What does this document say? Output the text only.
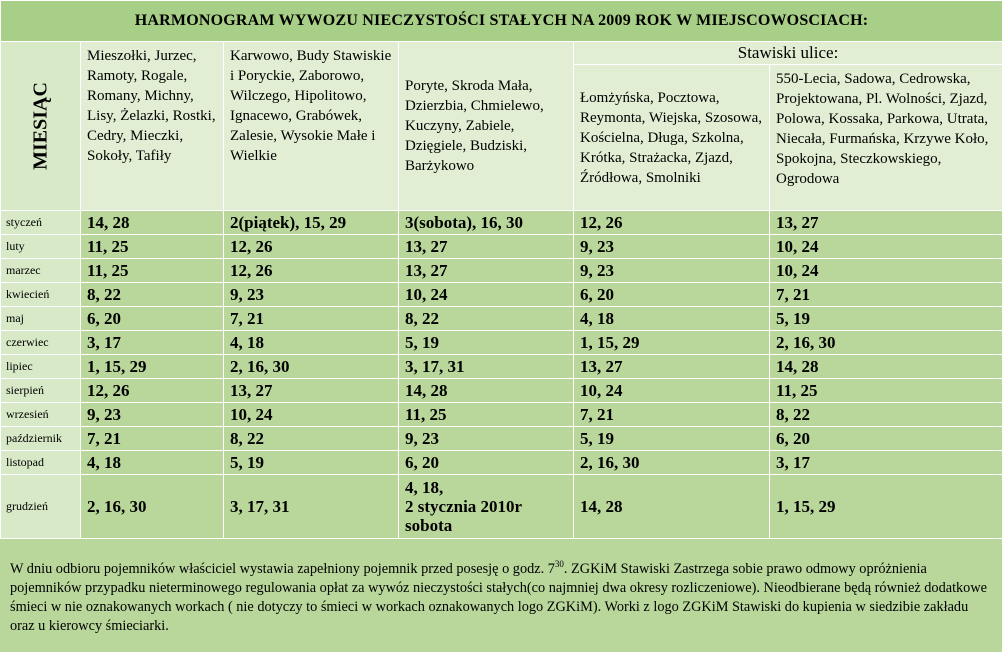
HARMONOGRAM WYWOZU NIECZYSTOŚCI STAŁYCH NA 2009 ROK W MIEJSCOWOSCIACH:					

MIESIĄC	Mieszołki, Jurzec, Ramoty, Rogale, Romany, Michny, Lisy, Żelazki, Rostki, Cedry, Mieczki, Sokoły, Tafiły	Karwowo, Budy Stawiskie i Poryckie, Zaborowo, Wilczego, Hipolitowo, Ignacewo, Grabówek, Zalesie, Wysokie Małe i Wielkie	Poryte, Skroda Mała, Dzierzbia, Chmielewo, Kuczyny, Zabiele, Dzięgiele, Budziski, Barżykowo	Stawiski ulice:	
				Łomżyńska, Pocztowa, Reymonta, Wiejska, Szosowa, Kościelna, Długa, Szkolna, Krótka, Strażacka, Zjazd, Źródłowa, Smolniki	550-Lecia, Sadowa, Cedrowska, Projektowana, Pl. Wolności, Zjazd, Polowa, Kossaka, Parkowa, Utrata, Niecała, Furmańska, Krzywe Koło, Spokojna, Steczkowskiego, Ogrodowa
styczeń	14, 28	2(piątek), 15, 29	3(sobota), 16, 30	12, 26	13, 27
luty	11, 25	12, 26	13, 27	9, 23	10, 24
marzec	11, 25	12, 26	13, 27	9, 23	10, 24
kwiecień	8, 22	9, 23	10, 24	6, 20	7, 21
maj	6, 20	7, 21	8, 22	4, 18	5, 19
czerwiec	3, 17	4, 18	5, 19	1, 15, 29	2, 16, 30
lipiec	1, 15, 29	2, 16, 30	3, 17, 31	13, 27	14, 28
sierpień	12, 26	13, 27	14, 28	10, 24	11, 25
wrzesień	9, 23	10, 24	11, 25	7, 21	8, 22
październik	7, 21	8, 22	9, 23	5, 19	6, 20
listopad	4, 18	5, 19	6, 20	2, 16, 30	3, 17
grudzień	2, 16, 30	3, 17, 31	4, 18,
2 stycznia 2010r
sobota	14, 28	1, 15, 29
W dniu odbioru pojemników właściciel wystawia zapełniony pojemnik przed posesję o godz. $7^{30}$. ZGKiM Stawiski Zastrzega sobie prawo odmowy opróżnienia pojemników przypadku nieterminowego regulowania opłat za wywóz nieczystości stałych(co najmniej dwa okresy rozliczeniowe). Nieodbierane będą również dodatkowe śmieci w nie oznakowanych workach ( nie dotyczy to śmieci w workach oznakowanych logo ZGKiM). Worki z logo ZGKiM Stawiski do kupienia w siedzibie zakładu oraz u kierowcy śmieciarki.
